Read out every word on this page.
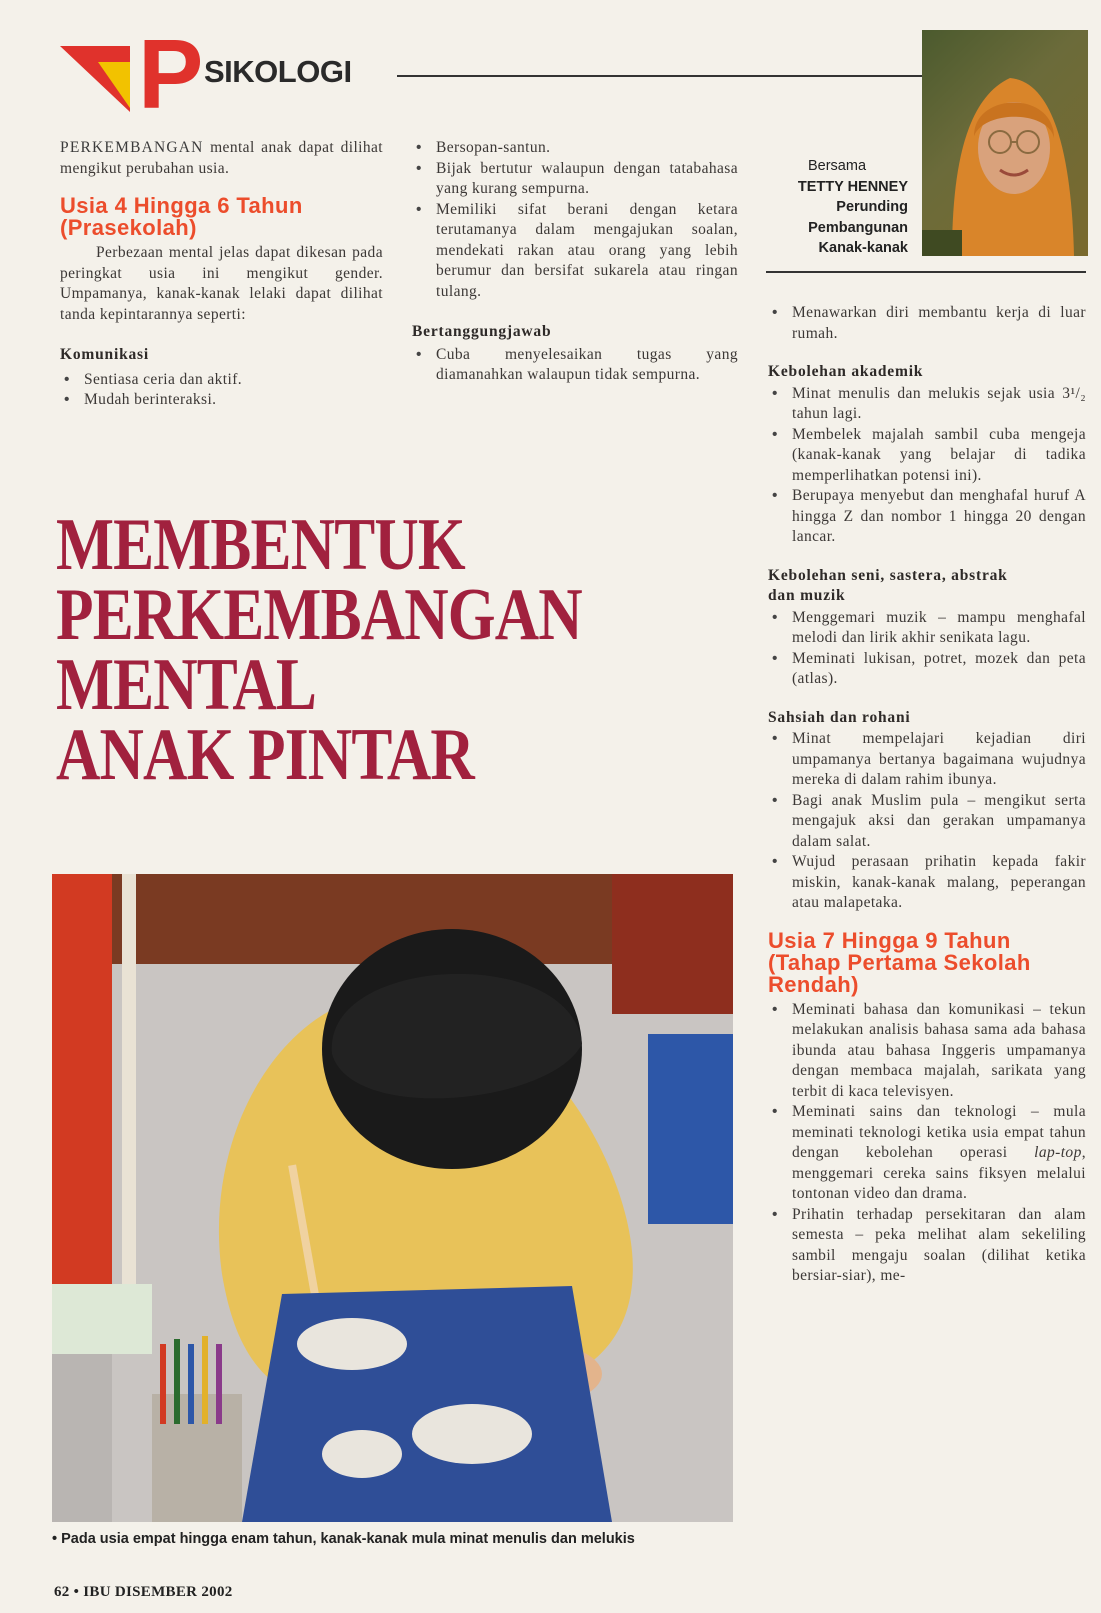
P SIKOLOGI
Bersama
TETTY HENNEY
Perunding
Pembangunan
Kanak-kanak
PERKEMBANGAN mental anak dapat dilihat mengikut perubahan usia.
Usia 4 Hingga 6 Tahun
(Prasekolah)
Perbezaan mental jelas dapat dikesan pada peringkat usia ini mengikut gender. Umpamanya, kanak-kanak lelaki dapat dilihat tanda kepintarannya seperti:
Komunikasi
• Sentiasa ceria dan aktif.
• Mudah berinteraksi.
• Bersopan-santun.
• Bijak bertutur walaupun dengan tatabahasa yang kurang sempurna.
• Memiliki sifat berani dengan ketara terutamanya dalam mengajukan soalan, mendekati rakan atau orang yang lebih berumur dan bersifat sukarela atau ringan tulang.
Bertanggungjawab
• Cuba menyelesaikan tugas yang diamanahkan walaupun tidak sempurna.
MEMBENTUK
PERKEMBANGAN
MENTAL
ANAK PINTAR
• Pada usia empat hingga enam tahun, kanak-kanak mula minat menulis dan melukis
• Menawarkan diri membantu kerja di luar rumah.
Kebolehan akademik
• Minat menulis dan melukis sejak usia 3¹/₂ tahun lagi.
• Membelek majalah sambil cuba mengeja (kanak-kanak yang belajar di tadika memperlihatkan potensi ini).
• Berupaya menyebut dan menghafal huruf A hingga Z dan nombor 1 hingga 20 dengan lancar.
Kebolehan seni, sastera, abstrak
dan muzik
• Menggemari muzik – mampu menghafal melodi dan lirik akhir senikata lagu.
• Meminati lukisan, potret, mozek dan peta (atlas).
Sahsiah dan rohani
• Minat mempelajari kejadian diri umpamanya bertanya bagaimana wujudnya mereka di dalam rahim ibunya.
• Bagi anak Muslim pula – mengikut serta mengajuk aksi dan gerakan umpamanya dalam salat.
• Wujud perasaan prihatin kepada fakir miskin, kanak-kanak malang, peperangan atau malapetaka.
Usia 7 Hingga 9 Tahun
(Tahap Pertama Sekolah
Rendah)
• Meminati bahasa dan komunikasi – tekun melakukan analisis bahasa sama ada bahasa ibunda atau bahasa Inggeris umpamanya dengan membaca majalah, sarikata yang terbit di kaca televisyen.
• Meminati sains dan teknologi – mula meminati teknologi ketika usia empat tahun dengan kebolehan operasi lap-top, menggemari cereka sains fiksyen melalui tontonan video dan drama.
• Prihatin terhadap persekitaran dan alam semesta – peka melihat alam sekeliling sambil mengaju soalan (dilihat ketika bersiar-siar), me-
62 • IBU DISEMBER 2002
